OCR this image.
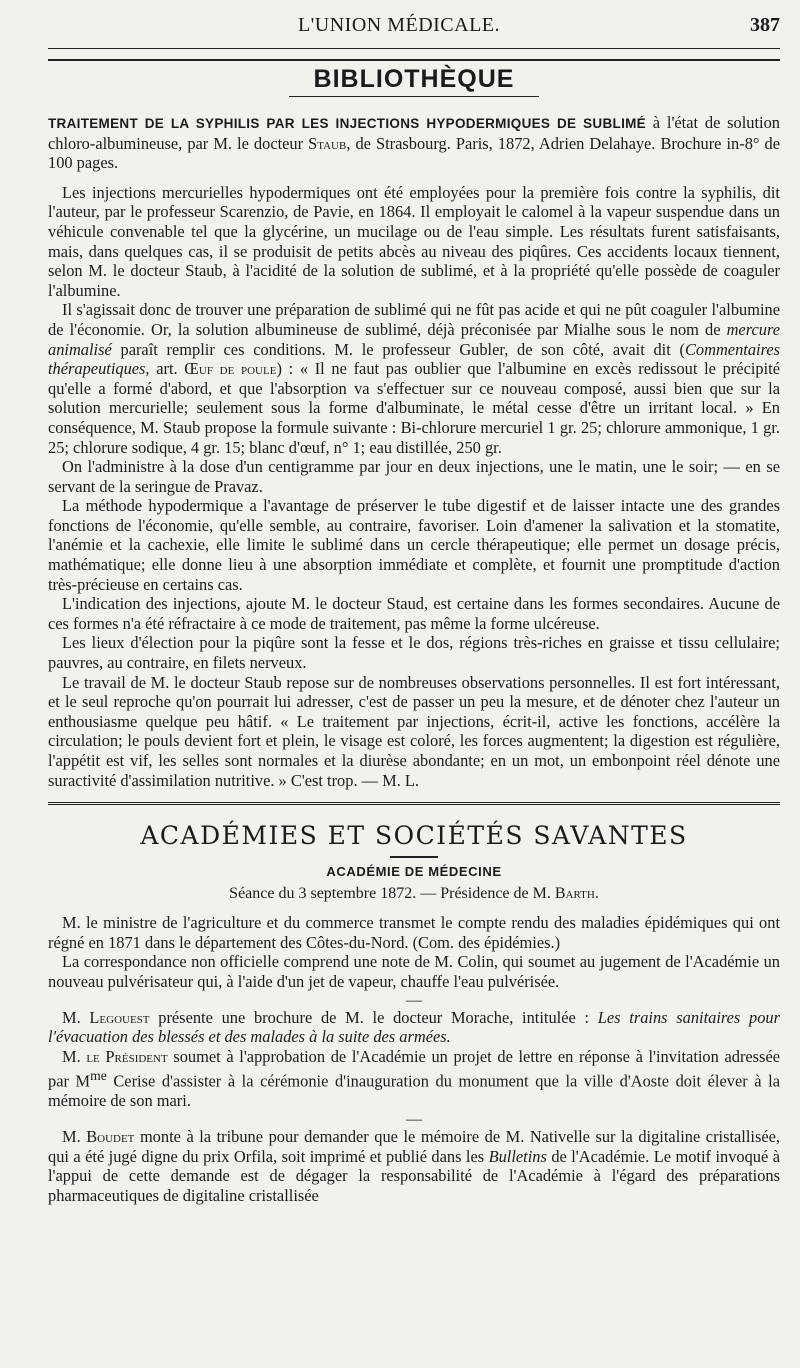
L'UNION MÉDICALE.	387
BIBLIOTHÈQUE

TRAITEMENT DE LA SYPHILIS PAR LES INJECTIONS HYPODERMIQUES DE SUBLIMÉ à l'état de solution chloro-albumineuse, par M. le docteur Staub, de Strasbourg. Paris, 1872, Adrien Delahaye. Brochure in-8° de 100 pages.

Les injections mercurielles hypodermiques ont été employées pour la première fois contre la syphilis, dit l'auteur, par le professeur Scarenzio, de Pavie, en 1864. Il employait le calomel à la vapeur suspendue dans un véhicule convenable tel que la glycérine, un mucilage ou de l'eau simple. Les résultats furent satisfaisants, mais, dans quelques cas, il se produisit de petits abcès au niveau des piqûres. Ces accidents locaux tiennent, selon M. le docteur Staub, à l'acidité de la solution de sublimé, et à la propriété qu'elle possède de coaguler l'albumine.

Il s'agissait donc de trouver une préparation de sublimé qui ne fût pas acide et qui ne pût coaguler l'albumine de l'économie. Or, la solution albumineuse de sublimé, déjà préconisée par Mialhe sous le nom de mercure animalisé paraît remplir ces conditions. M. le professeur Gubler, de son côté, avait dit (Commentaires thérapeutiques, art. Œuf de poule) : « Il ne faut pas oublier que l'albumine en excès redissout le précipité qu'elle a formé d'abord, et que l'absorption va s'effectuer sur ce nouveau composé, aussi bien que sur la solution mercurielle; seulement sous la forme d'albuminate, le métal cesse d'être un irritant local. » En conséquence, M. Staub propose la formule suivante : Bi-chlorure mercuriel 1 gr. 25; chlorure ammonique, 1 gr. 25; chlorure sodique, 4 gr. 15; blanc d'œuf, n° 1; eau distillée, 250 gr.

On l'administre à la dose d'un centigramme par jour en deux injections, une le matin, une le soir; — en se servant de la seringue de Pravaz.

La méthode hypodermique a l'avantage de préserver le tube digestif et de laisser intacte une des grandes fonctions de l'économie, qu'elle semble, au contraire, favoriser. Loin d'amener la salivation et la stomatite, l'anémie et la cachexie, elle limite le sublimé dans un cercle thérapeutique; elle permet un dosage précis, mathématique; elle donne lieu à une absorption immédiate et complète, et fournit une promptitude d'action très-précieuse en certains cas.

L'indication des injections, ajoute M. le docteur Staud, est certaine dans les formes secondaires. Aucune de ces formes n'a été réfractaire à ce mode de traitement, pas même la forme ulcéreuse.

Les lieux d'élection pour la piqûre sont la fesse et le dos, régions très-riches en graisse et tissu cellulaire; pauvres, au contraire, en filets nerveux.

Le travail de M. le docteur Staub repose sur de nombreuses observations personnelles. Il est fort intéressant, et le seul reproche qu'on pourrait lui adresser, c'est de passer un peu la mesure, et de dénoter chez l'auteur un enthousiasme quelque peu hâtif. « Le traitement par injections, écrit-il, active les fonctions, accélère la circulation; le pouls devient fort et plein, le visage est coloré, les forces augmentent; la digestion est régulière, l'appétit est vif, les selles sont normales et la diurèse abondante; en un mot, un embonpoint réel dénote une suractivité d'assimilation nutritive. » C'est trop. — M. L.

ACADÉMIES ET SOCIÉTÉS SAVANTES
ACADÉMIE DE MÉDECINE
Séance du 3 septembre 1872. — Présidence de M. Barth.

M. le ministre de l'agriculture et du commerce transmet le compte rendu des maladies épidémiques qui ont régné en 1871 dans le département des Côtes-du-Nord. (Com. des épidémies.)

La correspondance non officielle comprend une note de M. Colin, qui soumet au jugement de l'Académie un nouveau pulvérisateur qui, à l'aide d'un jet de vapeur, chauffe l'eau pulvérisée.

—

M. Legouest présente une brochure de M. le docteur Morache, intitulée : Les trains sanitaires pour l'évacuation des blessés et des malades à la suite des armées.

M. le Président soumet à l'approbation de l'Académie un projet de lettre en réponse à l'invitation adressée par $M^{me}$ Cerise d'assister à la cérémonie d'inauguration du monument que la ville d'Aoste doit élever à la mémoire de son mari.

—

M. Boudet monte à la tribune pour demander que le mémoire de M. Nativelle sur la digitaline cristallisée, qui a été jugé digne du prix Orfila, soit imprimé et publié dans les Bulletins de l'Académie. Le motif invoqué à l'appui de cette demande est de dégager la responsabilité de l'Académie à l'égard des préparations pharmaceutiques de digitaline cristallisée
